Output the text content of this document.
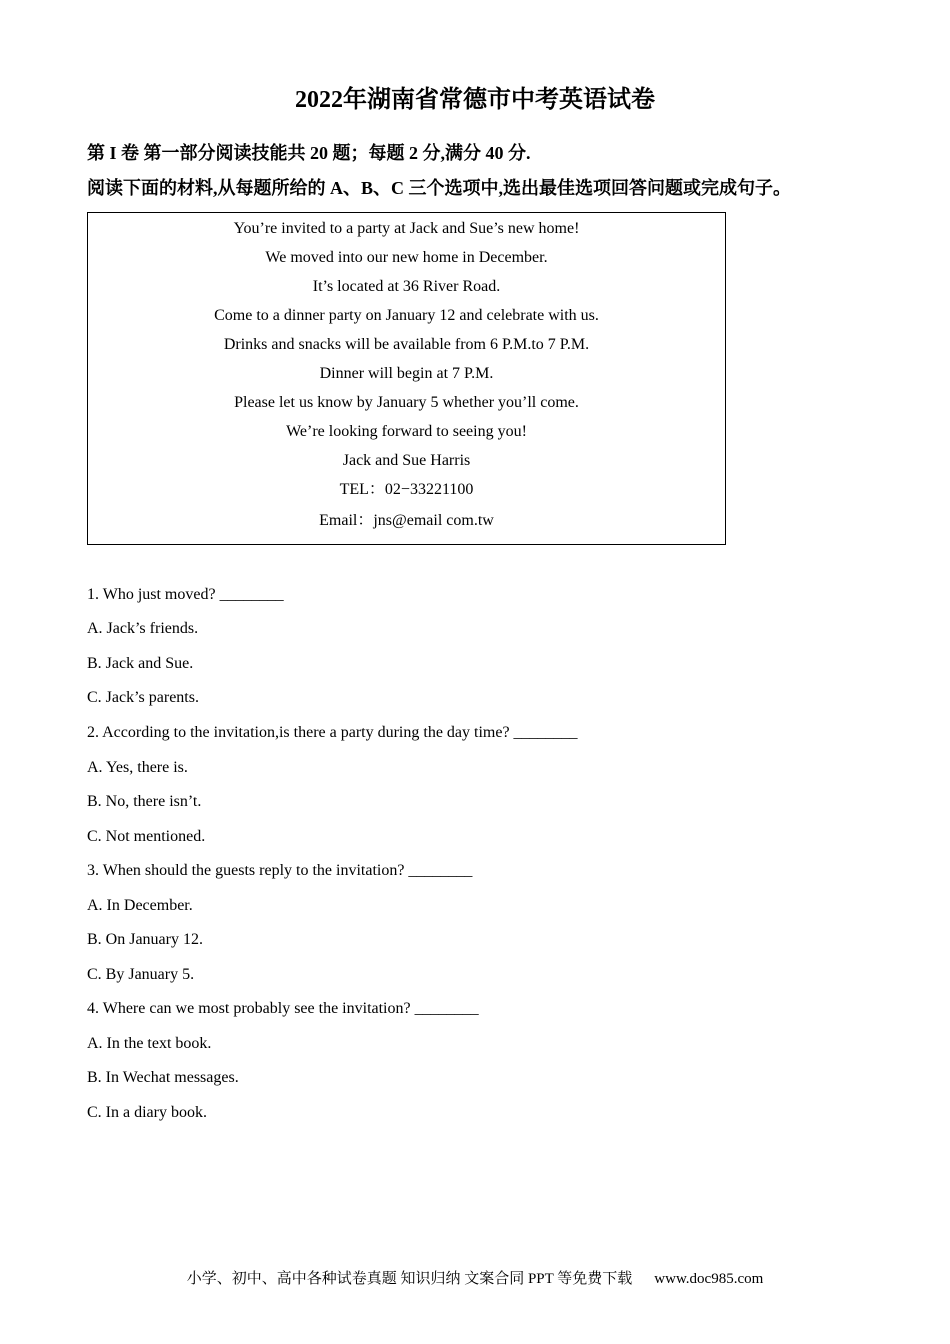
2022年湖南省常德市中考英语试卷

第 I 卷 第一部分阅读技能共 20 题；每题 2 分,满分 40 分.

阅读下面的材料,从每题所给的 A、B、C 三个选项中,选出最佳选项回答问题或完成句子。

You’re invited to a party at Jack and Sue’s new home!
We moved into our new home in December.
It’s located at 36 River Road.
Come to a dinner party on January 12 and celebrate with us.
Drinks and snacks will be available from 6 P.M.to 7 P.M.
Dinner will begin at 7 P.M.
Please let us know by January 5 whether you’ll come.
We’re looking forward to seeing you!
Jack and Sue Harris
TEL：02−33221100
Email：jns@email com.tw
1. Who just moved? ________
A. Jack’s friends.
B. Jack and Sue.
C. Jack’s parents.
2. According to the invitation,is there a party during the day time? ________
A. Yes, there is.
B. No, there isn’t.
C. Not mentioned.
3. When should the guests reply to the invitation? ________
A. In December.
B. On January 12.
C. By January 5.
4. Where can we most probably see the invitation? ________
A. In the text book.
B. In Wechat messages.
C. In a diary book.
小学、初中、高中各种试卷真题 知识归纳 文案合同 PPT 等免费下载 www.doc985.com
